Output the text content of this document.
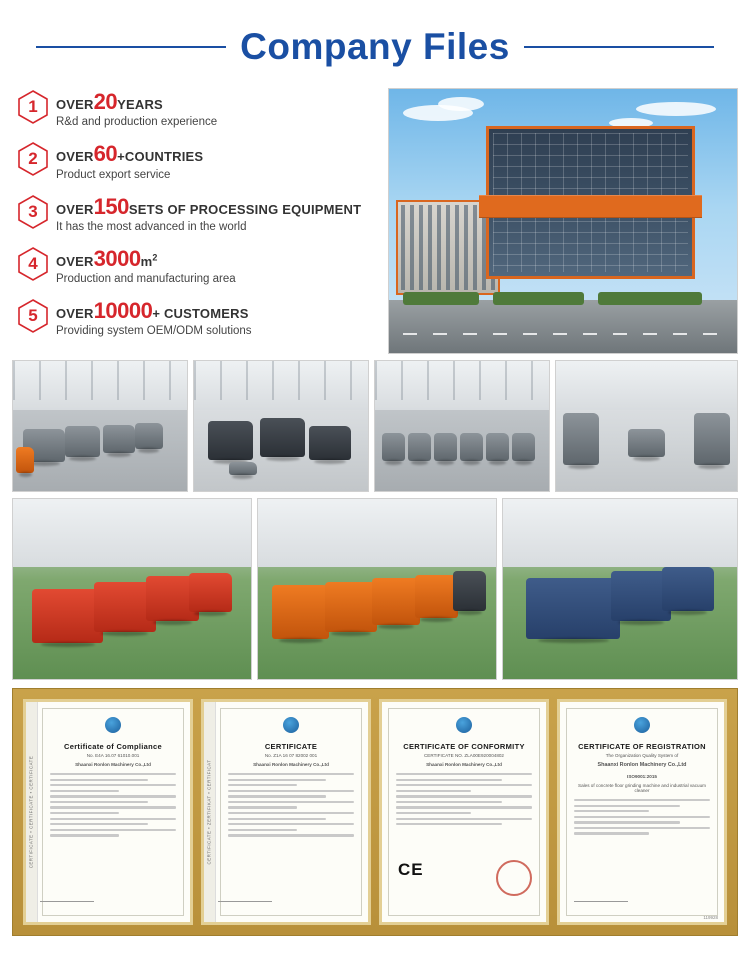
Company Files
1	OVER20YEARS
R&d and production experience
2	OVER60+COUNTRIES
Product export service
3	OVER150SETS OF PROCESSING EQUIPMENT
It has the most advanced in the world
4	$OVER3000m^2$
Production and manufacturing area
5	OVER10000+ CUSTOMERS
Providing system OEM/ODM solutions
CERTIFICATE • CERTIFICATE • CERTIFICATE
Certificate of Compliance
No. E4A 16.07 61010.001
Shaanxi Ronlon Machinery Co.,Ltd	CERTIFICATE • ZERTIFIKAT • CERTIFICAT
CERTIFICATE
No. Z1A 16 07 82002 001
Shaanxi Ronlon Machinery Co.,Ltd
CERTIFICATE OF CONFORMITY
CERTIFICATE NO. ZLA00E920004802
Shaanxi Ronlon Machinery Co.,Ltd
CE
CERTIFICATE OF REGISTRATION
The Organization Quality System of
Shaanxi Ronlon Machinery Co.,Ltd
ISO9001:2015
Sales of concrete floor grinding machine and industrial vacuum cleaner
119928
